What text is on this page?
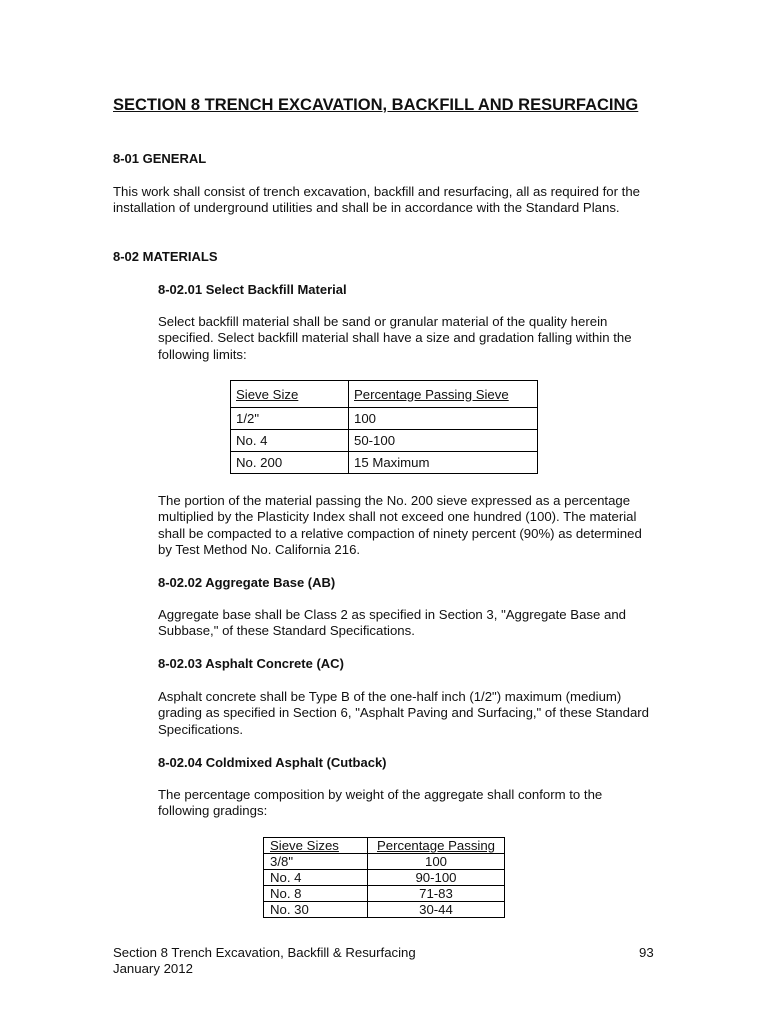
SECTION 8 TRENCH EXCAVATION, BACKFILL AND RESURFACING
8-01 GENERAL

This work shall consist of trench excavation, backfill and resurfacing, all as required for the installation of underground utilities and shall be in accordance with the Standard Plans.

8-02 MATERIALS
8-02.01 Select Backfill Material

Select backfill material shall be sand or granular material of the quality herein specified. Select backfill material shall have a size and gradation falling within the following limits:

Sieve Size	Percentage Passing Sieve
1/2"	100
No. 4	50-100
No. 200	15 Maximum

The portion of the material passing the No. 200 sieve expressed as a percentage multiplied by the Plasticity Index shall not exceed one hundred (100). The material shall be compacted to a relative compaction of ninety percent (90%) as determined by Test Method No. California 216.

8-02.02 Aggregate Base (AB)

Aggregate base shall be Class 2 as specified in Section 3, "Aggregate Base and Subbase," of these Standard Specifications.

8-02.03 Asphalt Concrete (AC)

Asphalt concrete shall be Type B of the one-half inch (1/2") maximum (medium) grading as specified in Section 6, "Asphalt Paving and Surfacing," of these Standard Specifications.

8-02.04 Coldmixed Asphalt (Cutback)

The percentage composition by weight of the aggregate shall conform to the following gradings:

Sieve Sizes	Percentage Passing
3/8"	100
No. 4	90-100
No. 8	71-83
No. 30	30-44
Section 8 Trench Excavation, Backfill & Resurfacing
January 2012
93
